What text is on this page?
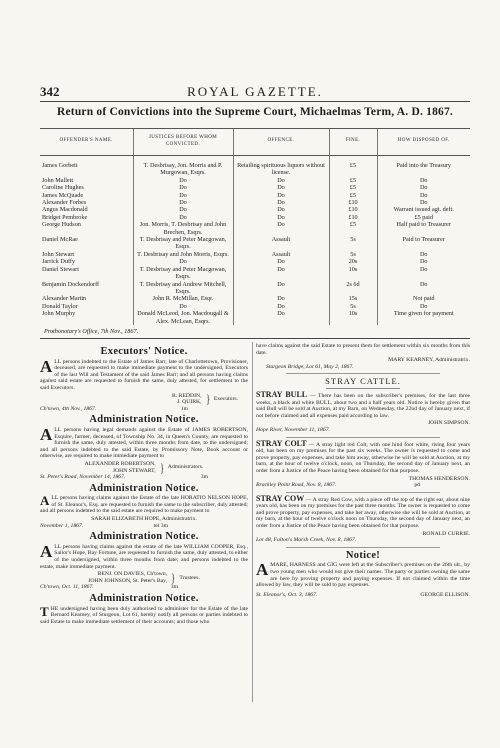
342	ROYAL GAZETTE.
Return of Convictions into the Supreme Court, Michaelmas Term, A. D. 1867.
OFFENDER'S NAME.	JUSTICES BEFORE WHOM CONVICTED.	OFFENCE.	FINE.	HOW DISPOSED OF.

James Gorbett	T. Desbrisay, Jon. Morris and P. Murgowan, Esqrs.	Retailing spirituous liquors without license.	£5	Paid into the Treasury
John Mallett	Do	Do	£5	Do
Caroline Hughes	Do	Do	£5	Do
James McQuade	Do	Do	£5	Do
Alexander Forbes	Do	Do	£10	Do
Angus Macdonald	Do	Do	£10	Warrant issued agt. deft.
Bridget Pembroke	Do	Do	£10	£5 paid
George Hudson	Jon. Morris, T. Desbrisay and John Brechen, Esqrs.	Do	£5	Half paid to Treasurer
Daniel McRae	T. Desbrisay and Peter Macgowan, Esqrs.	Assault	5s	Paid to Treasurer
John Stewart	T. Desbrisay and John Morris, Esqrs.	Assault	5s	Do
Jarrick Duffy	Do	Do	20s	Do
Daniel Stewart	T. Desbrisay and Peter Macgowan, Esqrs.	Do	10s	Do
Benjamin Dockendorff	T. Desbrisay and Andrew Mitchell, Esqrs.	Do	2s 6d	Do
Alexander Martin	John R. McMillan, Esqr.	Do	15s	Not paid
Donald Taylor	Do	Do	5s	Do
John Murphy	Donald McLeod, Jon. Macdougall & Alex. McLean, Esqrs.	Do	10s	Time given for payment
Prothonotary's Office, 7th Nov., 1867.
Executors' Notice.

ALL persons indebted to the Estate of James Barr, late of Charlottetown, Provisioner, deceased, are requested to make immediate payment to the undersigned, Executors of the last Will and Testament of the said James Barr; and all persons having claims against said estate are requested to furnish the same, duly attested, for settlement to the said Executors.

R. REDDIN,
J. QUIRK, } Executors.
Ch'town, 4th Nov., 1867.	1m
Administration Notice.

ALL persons having legal demands against the Estate of JAMES ROBERTSON, Esquire, farmer, deceased, of Township No. 34, in Queen's County, are requested to furnish the same, duly attested, within three months from date, to the undersigned; and all persons indebted to the said Estate, by Promissory Note, Book account or otherwise, are required to make immediate payment to

ALEXANDER ROBERTSON,
JOHN STEWART, } Administrators.
St. Peter's Road, November 14, 1867.	3m
Administration Notice.

ALL persons having claims against the Estate of the late HORATIO NELSON HOPE, of St. Eleanor's, Esq. are requested to furnish the same to the subscriber, duly attested; and all persons indebted to the said estate are required to make payment to

SARAH ELIZABETH HOPE, Administratrix.
November 1, 1867.	tel 3m
Administration Notice.

ALL persons having claims against the estate of the late WILLIAM COOPER, Esq., Sailor's Hope, Bay Fortune, are requested to furnish the same, duly attested, to either of the undersigned, within three months from date; and persons indebted to the estate, make immediate payment.

BENJ. ON DAVIES, Ch'town,
JOHN JOHNSON, St. Peter's Bay, } Trustees.
Ch'town, Oct. 11, 1867.	3m
Administration Notice.

THE undersigned having been duly authorised to administer for the Estate of the late Bernard Kearney, of Sturgeon, Lot 61, hereby notify all persons or parties indebted to said Estate to make immediate settlement of their accounts; and those who

have claims against the said Estate to present them for settlement within six months from this date.

MARY KEARNEY, Administratrix.
Sturgeon Bridge, Lot 61, May 2, 1867.
STRAY CATTLE.

STRAY BULL — There has been on the subscriber's premises, for the last three weeks, a black and white BULL, about two and a half years old. Notice is hereby given that said Bull will be sold at Auction, at my Barn, on Wednesday, the 22nd day of January next, if not before claimed and all expenses paid according to law.

JOHN SIMPSON.
Hope River, November 11, 1867.

STRAY COLT — A stray light red Colt, with one hind foot white, rising four years old, has been on my premises for the past six weeks. The owner is requested to come and prove property, pay expenses, and take him away, otherwise he will be sold at Auction, at my barn, at the hour of twelve o'clock, noon, on Thursday, the second day of January next, an order from a Justice of the Peace having been obtained for that purpose.

THOMAS HENDERSON.
Brackley Point Road, Nov. 8, 1867.	pd

STRAY COW — A stray Red Cow, with a piece off the top of the right ear, about nine years old, has been on my premises for the past three months. The owner is requested to come and prove property, pay expenses, and take her away, otherwise she will be sold at Auction, at my barn, at the hour of twelve o'clock noon on Thursday, the second day of January next, an order from a Justice of the Peace having been obtained for that purpose.

RONALD CURRIE.
Lot 48, Fulton's Marsh Creek, Nov. 8, 1867.
Notice!

AMARE, HARNESS and GIG were left at the Subscriber's premises on the 26th ult., by two young men who would not give their names. The party or parties owning the same are here by proving property and paying expenses. If not claimed within the time allowed by law, they will be sold to pay expenses.

St. Eleanor's, Oct. 3, 1867.	GEORGE ELLISON.
